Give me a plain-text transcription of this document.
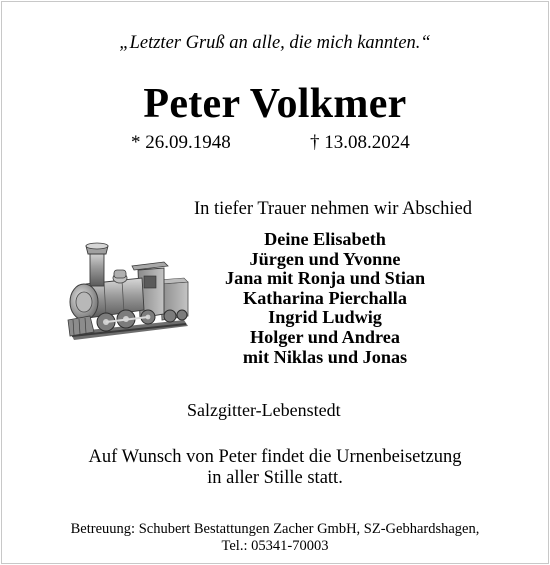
„Letzter Gruß an alle, die mich kannten.“
Peter Volkmer
* 26.09.1948	† 13.08.2024
In tiefer Trauer nehmen wir Abschied
Deine Elisabeth
Jürgen und Yvonne
Jana mit Ronja und Stian
Katharina Pierchalla
Ingrid Ludwig
Holger und Andrea
mit Niklas und Jonas
Salzgitter-Lebenstedt
Auf Wunsch von Peter findet die Urnenbeisetzung
in aller Stille statt.
Betreuung: Schubert Bestattungen Zacher GmbH, SZ-Gebhardshagen,
Tel.: 05341-70003
